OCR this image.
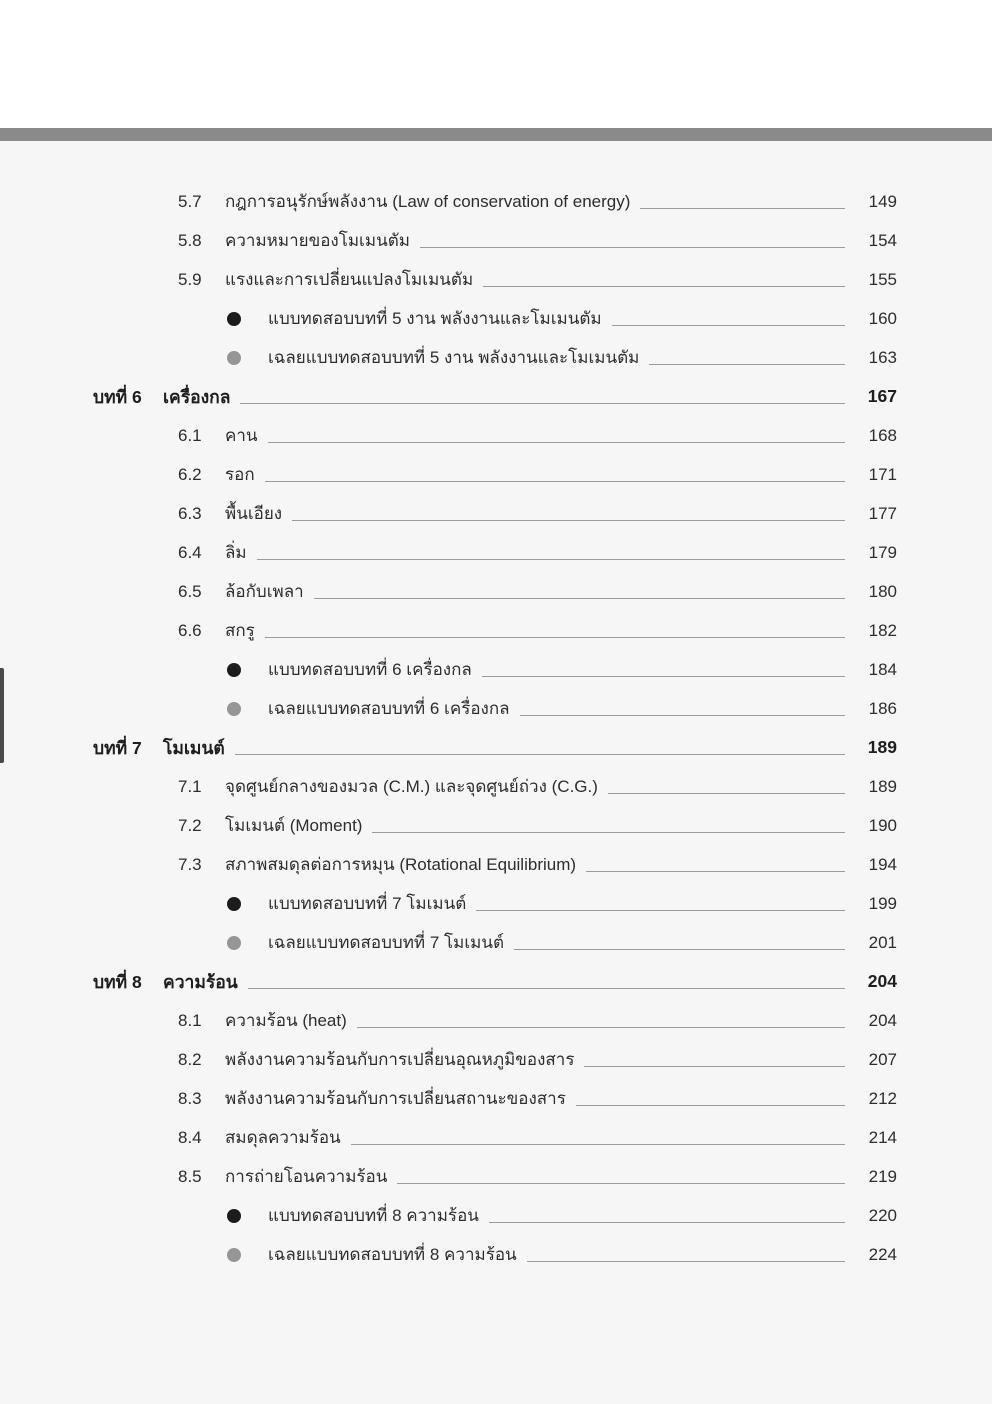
5.7	กฎการอนุรักษ์พลังงาน (Law of conservation of energy)	149
5.8	ความหมายของโมเมนตัม	154
5.9	แรงและการเปลี่ยนแปลงโมเมนตัม	155
แบบทดสอบบทที่ 5 งาน พลังงานและโมเมนตัม	160
เฉลยแบบทดสอบบทที่ 5 งาน พลังงานและโมเมนตัม	163
บทที่ 6	เครื่องกล	167
6.1	คาน	168
6.2	รอก	171
6.3	พื้นเอียง	177
6.4	ลิ่ม	179
6.5	ล้อกับเพลา	180
6.6	สกรู	182
แบบทดสอบบทที่ 6 เครื่องกล	184
เฉลยแบบทดสอบบทที่ 6 เครื่องกล	186
บทที่ 7	โมเมนต์	189
7.1	จุดศูนย์กลางของมวล (C.M.) และจุดศูนย์ถ่วง (C.G.)	189
7.2	โมเมนต์ (Moment)	190
7.3	สภาพสมดุลต่อการหมุน (Rotational Equilibrium)	194
แบบทดสอบบทที่ 7 โมเมนต์	199
เฉลยแบบทดสอบบทที่ 7 โมเมนต์	201
บทที่ 8	ความร้อน	204
8.1	ความร้อน (heat)	204
8.2	พลังงานความร้อนกับการเปลี่ยนอุณหภูมิของสาร	207
8.3	พลังงานความร้อนกับการเปลี่ยนสถานะของสาร	212
8.4	สมดุลความร้อน	214
8.5	การถ่ายโอนความร้อน	219
แบบทดสอบบทที่ 8 ความร้อน	220
เฉลยแบบทดสอบบทที่ 8 ความร้อน	224
